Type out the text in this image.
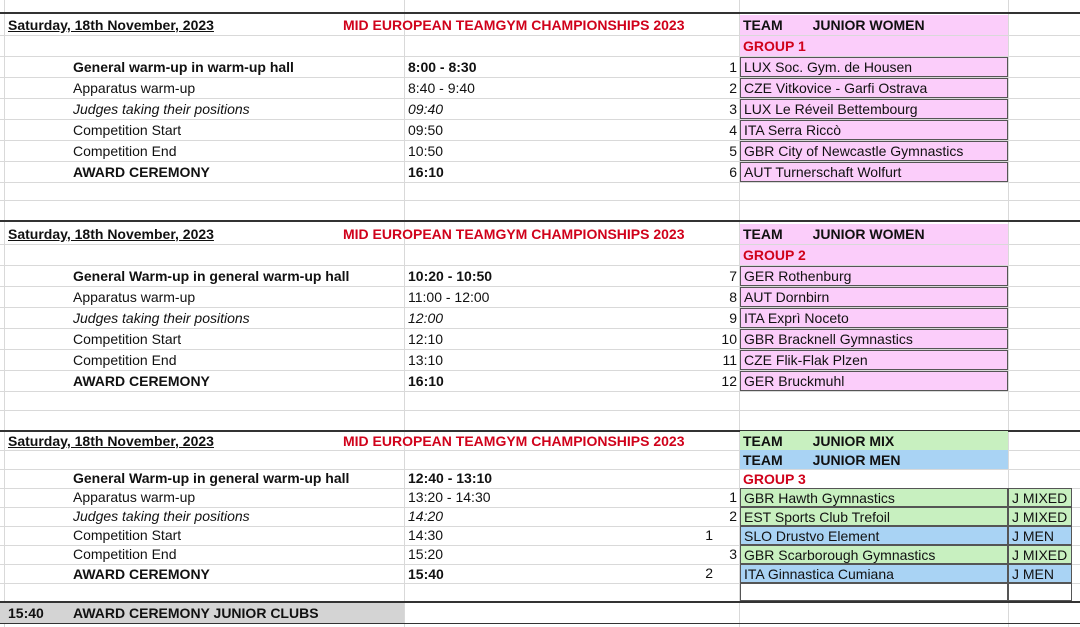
Saturday, 18th November, 2023	MID EUROPEAN TEAMGYM CHAMPIONSHIPS 2023	TEAM JUNIOR WOMEN
GROUP 1
General warm-up in warm-up hall	8:00 - 8:30
Apparatus warm-up	8:40 - 9:40
Judges taking their positions	09:40
Competition Start	09:50
Competition End	10:50
AWARD CEREMONY	16:10
1 LUX Soc. Gym. de Housen
2 CZE Vitkovice - Garfi Ostrava
3 LUX Le Réveil Bettembourg
4 ITA Serra Riccò
5 GBR City of Newcastle Gymnastics
6 AUT Turnerschaft Wolfurt
Saturday, 18th November, 2023	MID EUROPEAN TEAMGYM CHAMPIONSHIPS 2023	TEAM JUNIOR WOMEN
GROUP 2
General Warm-up in general warm-up hall	10:20 - 10:50
Apparatus warm-up	11:00 - 12:00
Judges taking their positions	12:00
Competition Start	12:10
Competition End	13:10
AWARD CEREMONY	16:10
7 GER Rothenburg
8 AUT Dornbirn
9 ITA Exprì Noceto
10 GBR Bracknell Gymnastics
11 CZE Flik-Flak Plzen
12 GER Bruckmuhl
Saturday, 18th November, 2023	MID EUROPEAN TEAMGYM CHAMPIONSHIPS 2023	TEAM JUNIOR MIX
TEAM JUNIOR MEN
GROUP 3
General Warm-up in general warm-up hall	12:40 - 13:10
Apparatus warm-up	13:20 - 14:30
Judges taking their positions	14:20
Competition Start	14:30
Competition End	15:20
AWARD CEREMONY	15:40
1 GBR Hawth Gymnastics	J MIXED
2 EST Sports Club Trefoil	J MIXED
1 SLO Drustvo Element	J MEN
3 GBR Scarborough Gymnastics	J MIXED
2 ITA Ginnastica Cumiana	J MEN
15:40 AWARD CEREMONY JUNIOR CLUBS
